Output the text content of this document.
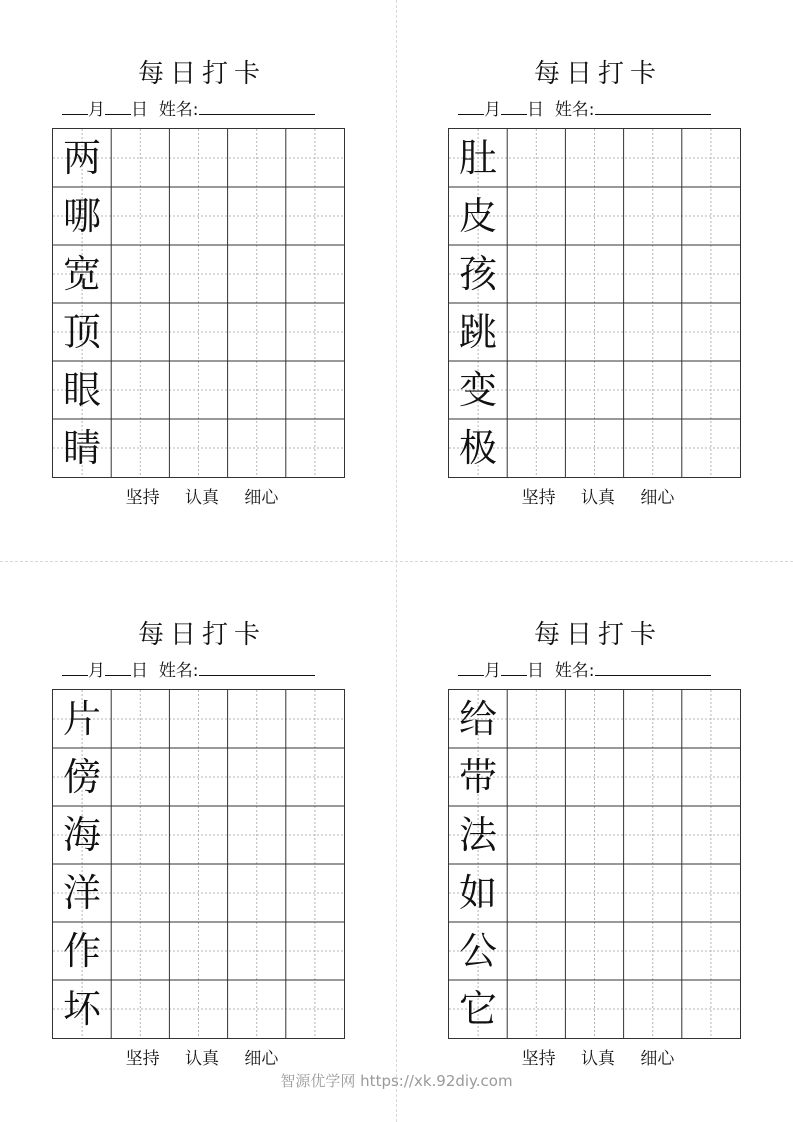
每日打卡
月 日 姓名:
两
哪
宽
顶
眼
睛
坚持 认真 细心
每日打卡
月 日 姓名:
肚
皮
孩
跳
变
极
坚持 认真 细心
每日打卡
月 日 姓名:
片
傍
海
洋
作
坏
坚持 认真 细心
每日打卡
月 日 姓名:
给
带
法
如
公
它
坚持 认真 细心
智源优学网 https://xk.92diy.com
